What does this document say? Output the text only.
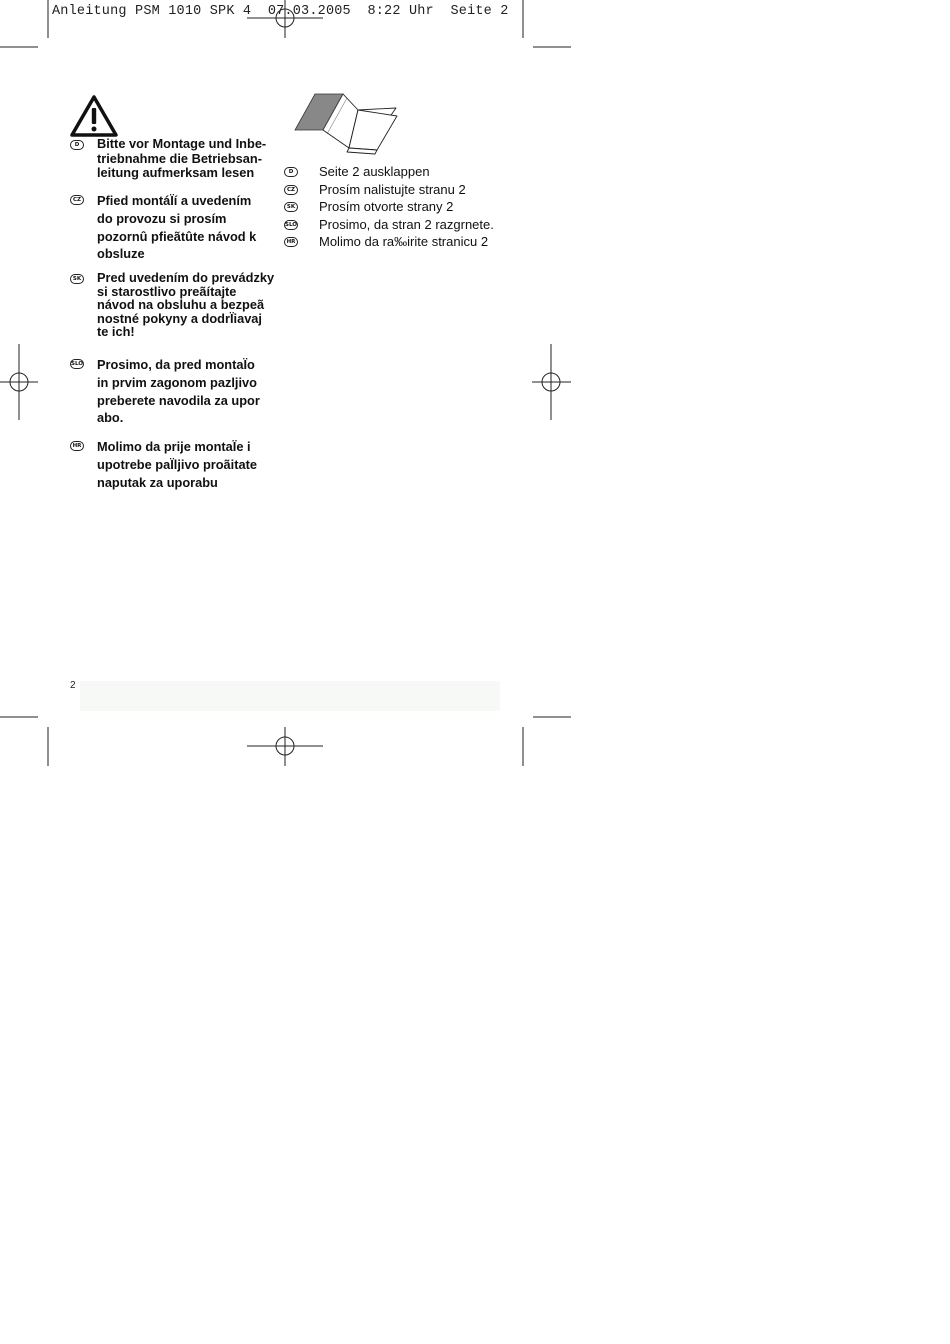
Anleitung PSM 1010 SPK 4  07.03.2005  8:22 Uhr  Seite 2
D	Bitte vor Montage und Inbe-
triebnahme die Betriebsan-
leitung aufmerksam lesen
CZ Pfied montáÏí a uvedením
do provozu si prosím
pozornû pfieãtûte návod k
obsluze
SK Pred uvedením do prevádzky
si starostlivo preãítajte
návod na obsluhu a bezpeã
nostné pokyny a dodrÏiavaj
te ich!
SLO Prosimo, da pred montaÏo
in prvim zagonom pazljivo
preberete navodila za upor
abo.
HR Molimo da prije montaÏe i
upotrebe paÏljivo proãitate
naputak za uporabu
D	Seite 2 ausklappen
CZ Prosím nalistujte stranu 2
SK Prosím otvorte strany 2
SLO Prosimo, da stran 2 razgrnete.
HR Molimo da ra‰irite stranicu 2
2
